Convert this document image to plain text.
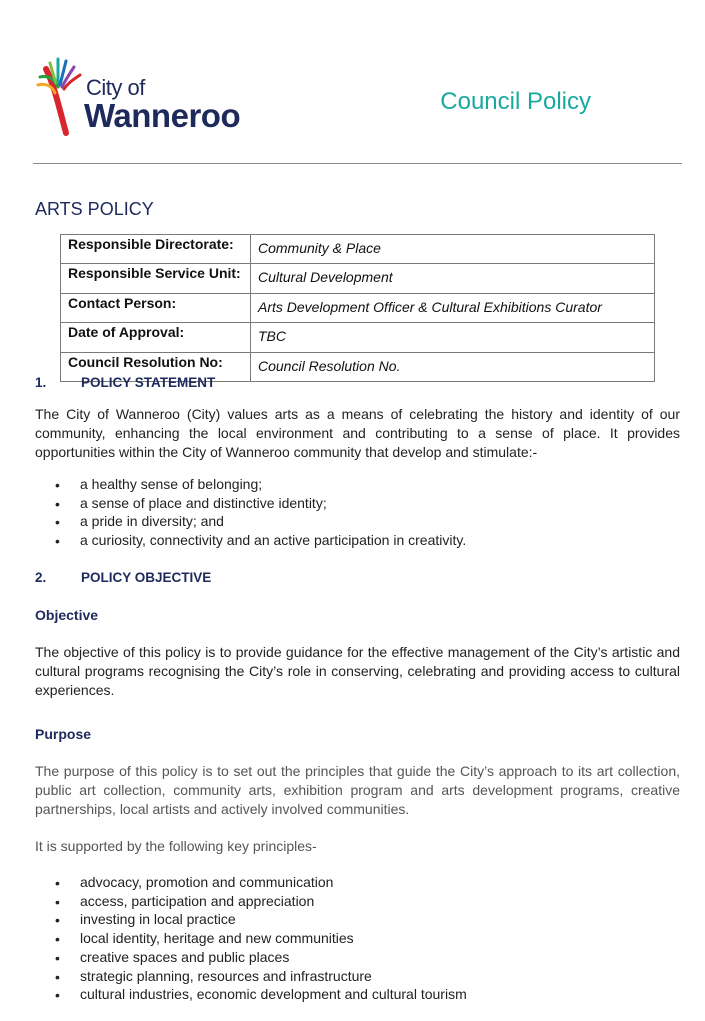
City of
Wanneroo	Council Policy
ARTS POLICY
Responsible Directorate:	Community & Place
Responsible Service Unit:	Cultural Development
Contact Person:	Arts Development Officer & Cultural Exhibitions Curator
Date of Approval:	TBC
Council Resolution No:	Council Resolution No.
1.	POLICY STATEMENT
The City of Wanneroo (City) values arts as a means of celebrating the history and identity of our community, enhancing the local environment and contributing to a sense of place. It provides opportunities within the City of Wanneroo community that develop and stimulate:-
• a healthy sense of belonging;
• a sense of place and distinctive identity;
• a pride in diversity; and
• a curiosity, connectivity and an active participation in creativity.
2.	POLICY OBJECTIVE
Objective
The objective of this policy is to provide guidance for the effective management of the City’s artistic and cultural programs recognising the City’s role in conserving, celebrating and providing access to cultural experiences.
Purpose
The purpose of this policy is to set out the principles that guide the City’s approach to its art collection, public art collection, community arts, exhibition program and arts development programs, creative partnerships, local artists and actively involved communities.
It is supported by the following key principles-
• advocacy, promotion and communication
• access, participation and appreciation
• investing in local practice
• local identity, heritage and new communities
• creative spaces and public places
• strategic planning, resources and infrastructure
• cultural industries, economic development and cultural tourism
